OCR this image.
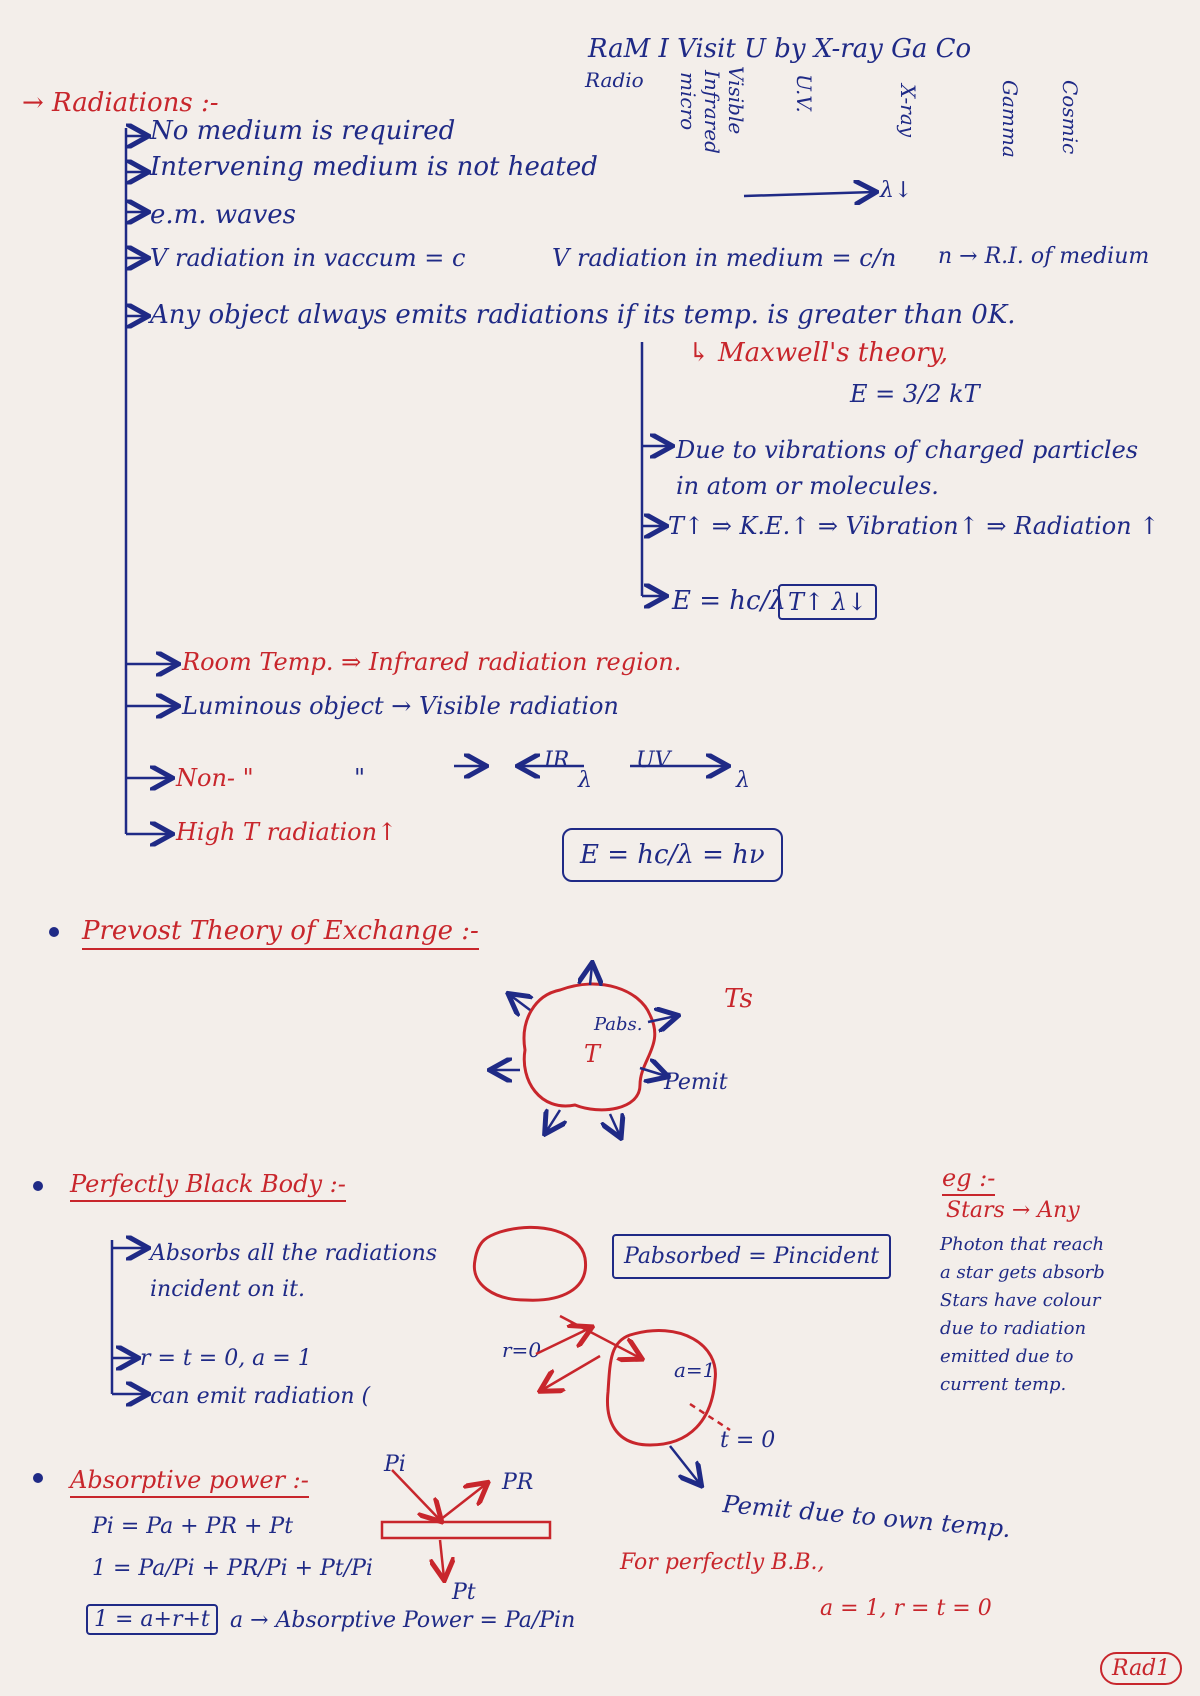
RaM I Visit U by X-ray Ga Co
Radio micro Infrared Visible U.V.	X-ray	Gamma Cosmic
λ↓
→ Radiations :-
No medium is required
Intervening medium is not heated
e.m. waves
V radiation in vaccum = c	V radiation in medium = c/n n → R.I. of medium
Any object always emits radiations if its temp. is greater than 0K.
↳ Maxwell's theory,
E = 3/2 kT
Due to vibrations of charged particles in atom or molecules.
T↑ ⇒ K.E.↑ ⇒ Vibration↑ ⇒ Radiation ↑
E = hc/λ T↑ λ↓
Room Temp. ⇒ Infrared radiation region.
Luminous object → Visible radiation
Non- "	"
IR
λ
UV
λ
High T radiation↑
E = hc/λ = hν
Prevost Theory of Exchange :-
Ts
T
Pabs.
Pemit
Perfectly Black Body :-
Absorbs all the radiations incident on it.
r = t = 0, a = 1
can emit radiation (
Pabsorbed = Pincident
r=0
a=1
t = 0
Pemit due to own temp.
eg :-
Stars → Any
Photon that reach
a star gets absorb
Stars have colour
due to radiation
emitted due to
current temp.
Absorptive power :-
Pi = Pa + PR + Pt
1 = Pa/Pi + PR/Pi + Pt/Pi
1 = a+r+t a → Absorptive Power = Pa/Pin
Pi
PR
Pt
For perfectly B.B.,
a = 1, r = t = 0
Rad1
